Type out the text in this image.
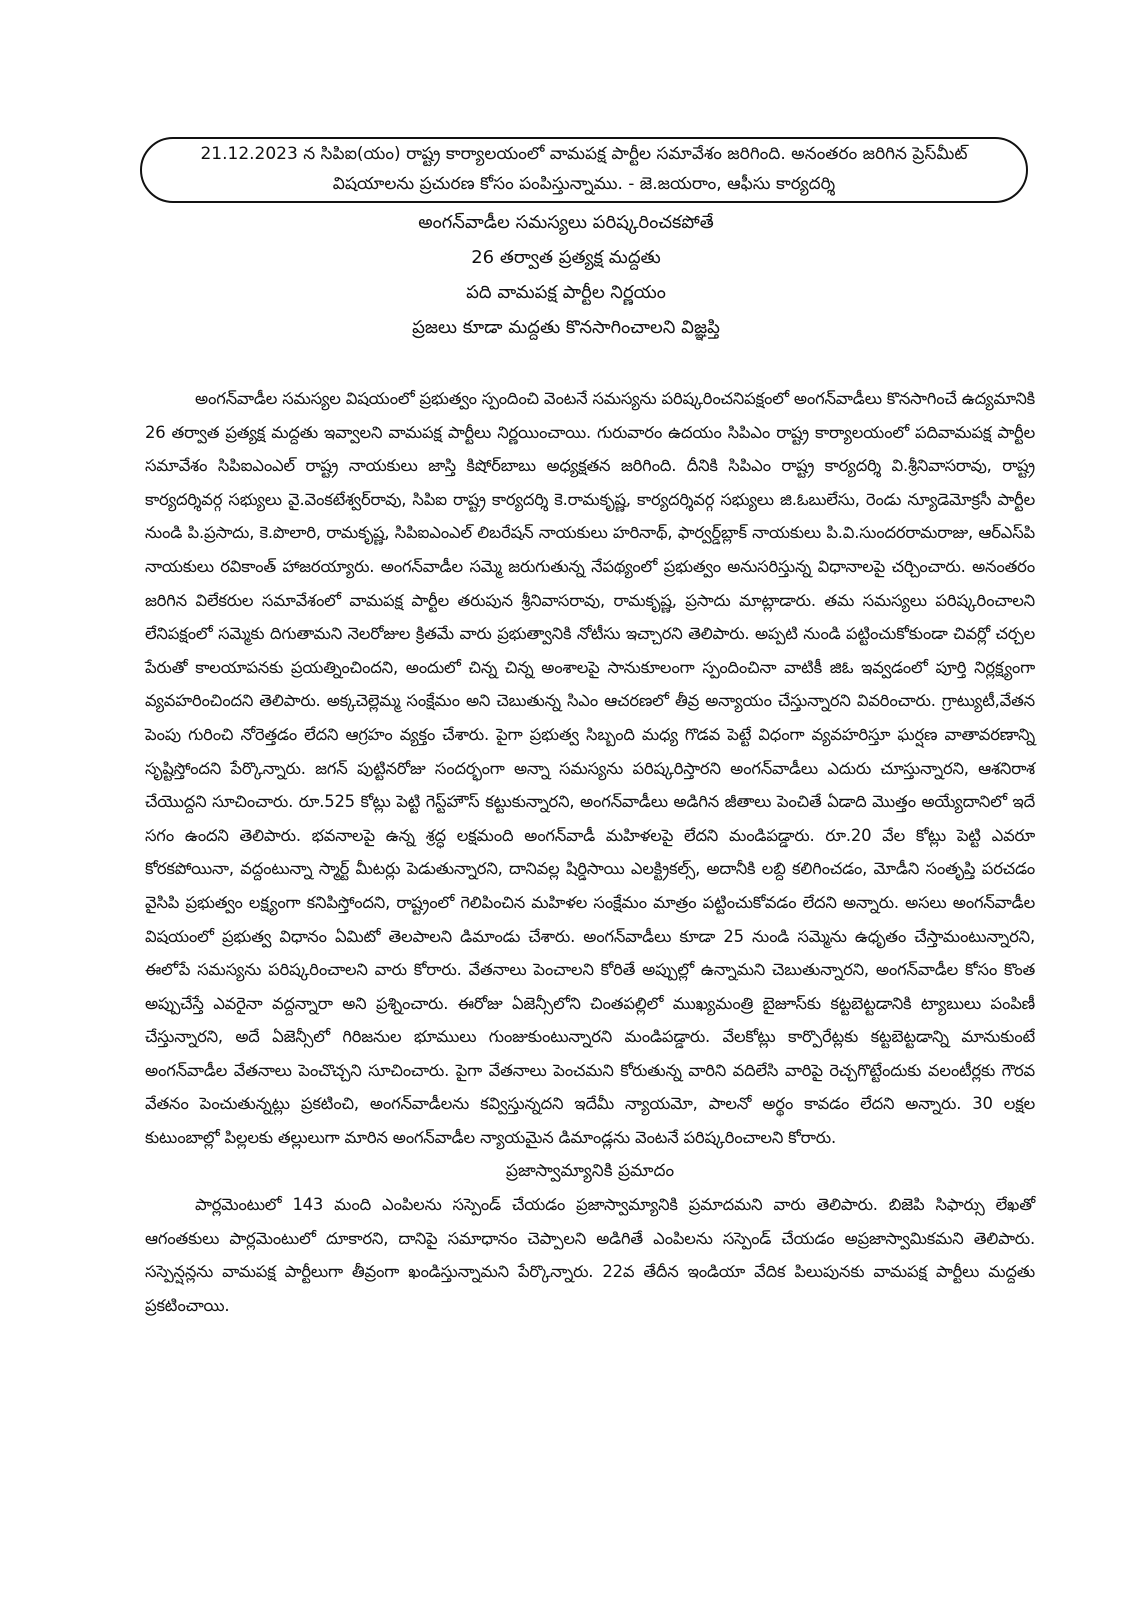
21.12.2023 న సిపిఐ(యం) రాష్ట్ర కార్యాలయంలో వామపక్ష పార్టీల సమావేశం జరిగింది. అనంతరం జరిగిన ప్రెస్‌మీట్
విషయాలను ప్రచురణ కోసం పంపిస్తున్నాము. - జె.జయరాం, ఆఫీసు కార్యదర్శి
అంగన్‌వాడీల సమస్యలు పరిష్కరించకపోతే
26 తర్వాత ప్రత్యక్ష మద్దతు
పది వామపక్ష పార్టీల నిర్ణయం
ప్రజలు కూడా మద్దతు కొనసాగించాలని విజ్ఞప్తి

అంగన్‌వాడీల సమస్యల విషయంలో ప్రభుత్వం స్పందించి వెంటనే సమస్యను పరిష్కరించనిపక్షంలో అంగన్‌వాడీలు కొనసాగించే ఉద్యమానికి 26 తర్వాత ప్రత్యక్ష మద్దతు ఇవ్వాలని వామపక్ష పార్టీలు నిర్ణయించాయి. గురువారం ఉదయం సిపిఎం రాష్ట్ర కార్యాలయంలో పదివామపక్ష పార్టీల సమావేశం సిపిఐఎంఎల్ రాష్ట్ర నాయకులు జాస్తి కిషోర్‌బాబు అధ్యక్షతన జరిగింది. దీనికి సిపిఎం రాష్ట్ర కార్యదర్శి వి.శ్రీనివాసరావు, రాష్ట్ర కార్యదర్శివర్గ సభ్యులు వై.వెంకటేశ్వర్‌రావు, సిపిఐ రాష్ట్ర కార్యదర్శి కె.రామకృష్ణ, కార్యదర్శివర్గ సభ్యులు జి.ఓబులేసు, రెండు న్యూడెమోక్రసీ పార్టీల నుండి పి.ప్రసాదు, కె.పొలారి, రామకృష్ణ, సిపిఐఎంఎల్ లిబరేషన్ నాయకులు హరినాథ్, ఫార్వర్డ్‌బ్లాక్ నాయకులు పి.వి.సుందరరామరాజు, ఆర్‌ఎస్‌పి నాయకులు రవికాంత్ హాజరయ్యారు. అంగన్‌వాడీల సమ్మె జరుగుతున్న నేపథ్యంలో ప్రభుత్వం అనుసరిస్తున్న విధానాలపై చర్చించారు. అనంతరం జరిగిన విలేకరుల సమావేశంలో వామపక్ష పార్టీల తరుపున శ్రీనివాసరావు, రామకృష్ణ, ప్రసాదు మాట్లాడారు. తమ సమస్యలు పరిష్కరించాలని లేనిపక్షంలో సమ్మెకు దిగుతామని నెలరోజుల క్రితమే వారు ప్రభుత్వానికి నోటీసు ఇచ్చారని తెలిపారు. అప్పటి నుండి పట్టించుకోకుండా చివర్లో చర్చల పేరుతో కాలయాపనకు ప్రయత్నించిందని, అందులో చిన్న చిన్న అంశాలపై సానుకూలంగా స్పందించినా వాటికీ జిఓ ఇవ్వడంలో పూర్తి నిర్లక్ష్యంగా వ్యవహరించిందని తెలిపారు. అక్కచెల్లెమ్మ సంక్షేమం అని చెబుతున్న సిఎం ఆచరణలో తీవ్ర అన్యాయం చేస్తున్నారని వివరించారు. గ్రాట్యుటీ,వేతన పెంపు గురించి నోరెత్తడం లేదని ఆగ్రహం వ్యక్తం చేశారు. పైగా ప్రభుత్వ సిబ్బంది మధ్య గొడవ పెట్టే విధంగా వ్యవహరిస్తూ ఘర్షణ వాతావరణాన్ని సృష్టిస్తోందని పేర్కొన్నారు. జగన్ పుట్టినరోజు సందర్భంగా అన్నా సమస్యను పరిష్కరిస్తారని అంగన్‌వాడీలు ఎదురు చూస్తున్నారని, ఆశనిరాశ చేయొద్దని సూచించారు. రూ.525 కోట్లు పెట్టి గెస్ట్‌హౌస్ కట్టుకున్నారని, అంగన్‌వాడీలు అడిగిన జీతాలు పెంచితే ఏడాది మొత్తం అయ్యేదానిలో ఇదే సగం ఉందని తెలిపారు. భవనాలపై ఉన్న శ్రద్ధ లక్షమంది అంగన్‌వాడీ మహిళలపై లేదని మండిపడ్డారు. రూ.20 వేల కోట్లు పెట్టి ఎవరూ కోరకపోయినా, వద్దంటున్నా స్మార్ట్ మీటర్లు పెడుతున్నారని, దానివల్ల షిర్డిసాయి ఎలక్ట్రికల్స్, అదానీకి లబ్ది కలిగించడం, మోడీని సంతృప్తి పరచడం వైసిపి ప్రభుత్వం లక్ష్యంగా కనిపిస్తోందని, రాష్ట్రంలో గెలిపించిన మహిళల సంక్షేమం మాత్రం పట్టించుకోవడం లేదని అన్నారు. అసలు అంగన్‌వాడీల విషయంలో ప్రభుత్వ విధానం ఏమిటో తెలపాలని డిమాండు చేశారు. అంగన్‌వాడీలు కూడా 25 నుండి సమ్మెను ఉధృతం చేస్తామంటున్నారని, ఈలోపే సమస్యను పరిష్కరించాలని వారు కోరారు. వేతనాలు పెంచాలని కోరితే అప్పుల్లో ఉన్నామని చెబుతున్నారని, అంగన్‌వాడీల కోసం కొంత అప్పుచేస్తే ఎవరైనా వద్దన్నారా అని ప్రశ్నించారు. ఈరోజు ఏజెన్సీలోని చింతపల్లిలో ముఖ్యమంత్రి బైజూస్‌కు కట్టబెట్టడానికి ట్యాబులు పంపిణీ చేస్తున్నారని, అదే ఏజెన్సీలో గిరిజనుల భూములు గుంజుకుంటున్నారని మండిపడ్డారు. వేలకోట్లు కార్పొరేట్లకు కట్టబెట్టడాన్ని మానుకుంటే అంగన్‌వాడీల వేతనాలు పెంచొచ్చని సూచించారు. పైగా వేతనాలు పెంచమని కోరుతున్న వారిని వదిలేసి వారిపై రెచ్చగొట్టేందుకు వలంటీర్లకు గౌరవ వేతనం పెంచుతున్నట్లు ప్రకటించి, అంగన్‌వాడీలను కవ్విస్తున్నదని ఇదేమీ న్యాయమో, పాలనో అర్థం కావడం లేదని అన్నారు. 30 లక్షల కుటుంబాల్లో పిల్లలకు తల్లులుగా మారిన అంగన్‌వాడీల న్యాయమైన డిమాండ్లను వెంటనే పరిష్కరించాలని కోరారు.

ప్రజాస్వామ్యానికి ప్రమాదం

పార్లమెంటులో 143 మంది ఎంపిలను సస్పెండ్ చేయడం ప్రజాస్వామ్యానికి ప్రమాదమని వారు తెలిపారు. బిజెపి సిఫార్సు లేఖతో ఆగంతకులు పార్లమెంటులో దూకారని, దానిపై సమాధానం చెప్పాలని అడిగితే ఎంపిలను సస్పెండ్ చేయడం అప్రజాస్వామికమని తెలిపారు. సస్పెన్షన్లను వామపక్ష పార్టీలుగా తీవ్రంగా ఖండిస్తున్నామని పేర్కొన్నారు. 22వ తేదీన ఇండియా వేదిక పిలుపునకు వామపక్ష పార్టీలు మద్దతు ప్రకటించాయి.
